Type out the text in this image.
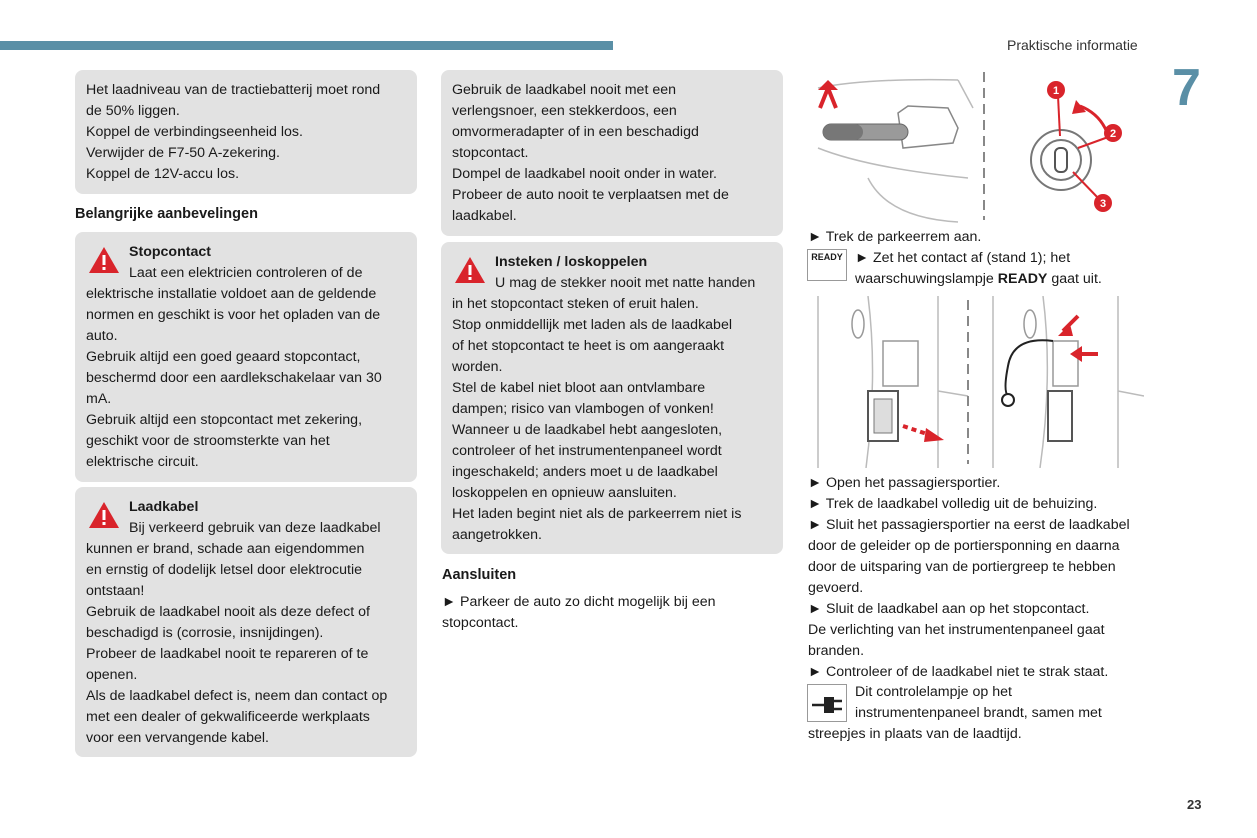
Praktische informatie
7
23

Het laadniveau van de tractiebatterij moet rond

de 50% liggen.

Koppel de verbindingseenheid los.

Verwijder de F7-50 A-zekering.

Koppel de 12V-accu los.

Belangrijke aanbevelingen

Stopcontact

Laat een elektricien controleren of de

elektrische installatie voldoet aan de geldende

normen en geschikt is voor het opladen van de

auto.

Gebruik altijd een goed geaard stopcontact,

beschermd door een aardlekschakelaar van 30

mA.

Gebruik altijd een stopcontact met zekering,

geschikt voor de stroomsterkte van het

elektrische circuit.

Laadkabel

Bij verkeerd gebruik van deze laadkabel

kunnen er brand, schade aan eigendommen

en ernstig of dodelijk letsel door elektrocutie

ontstaan!

Gebruik de laadkabel nooit als deze defect of

beschadigd is (corrosie, insnijdingen).

Probeer de laadkabel nooit te repareren of te

openen.

Als de laadkabel defect is, neem dan contact op

met een dealer of gekwalificeerde werkplaats

voor een vervangende kabel.

Gebruik de laadkabel nooit met een

verlengsnoer, een stekkerdoos, een

omvormeradapter of in een beschadigd

stopcontact.

Dompel de laadkabel nooit onder in water.

Probeer de auto nooit te verplaatsen met de

laadkabel.

Insteken / loskoppelen

U mag de stekker nooit met natte handen

in het stopcontact steken of eruit halen.

Stop onmiddellijk met laden als de laadkabel

of het stopcontact te heet is om aangeraakt

worden.

Stel de kabel niet bloot aan ontvlambare

dampen; risico van vlambogen of vonken!

Wanneer u de laadkabel hebt aangesloten,

controleer of het instrumentenpaneel wordt

ingeschakeld; anders moet u de laadkabel

loskoppelen en opnieuw aansluiten.

Het laden begint niet als de parkeerrem niet is

aangetrokken.

Aansluiten

► Parkeer de auto zo dicht mogelijk bij een

stopcontact.

1
2
3
► Trek de parkeerrem aan.
READY ► Zet het contact af (stand 1); het

waarschuwingslampje READY gaat uit.

► Open het passagiersportier.

► Trek de laadkabel volledig uit de behuizing.

► Sluit het passagiersportier na eerst de laadkabel

door de geleider op de portiersponning en daarna

door de uitsparing van de portiergreep te hebben

gevoerd.

► Sluit de laadkabel aan op het stopcontact.

De verlichting van het instrumentenpaneel gaat

branden.

► Controleer of de laadkabel niet te strak staat.

Dit controlelampje op het

instrumentenpaneel brandt, samen met

streepjes in plaats van de laadtijd.
